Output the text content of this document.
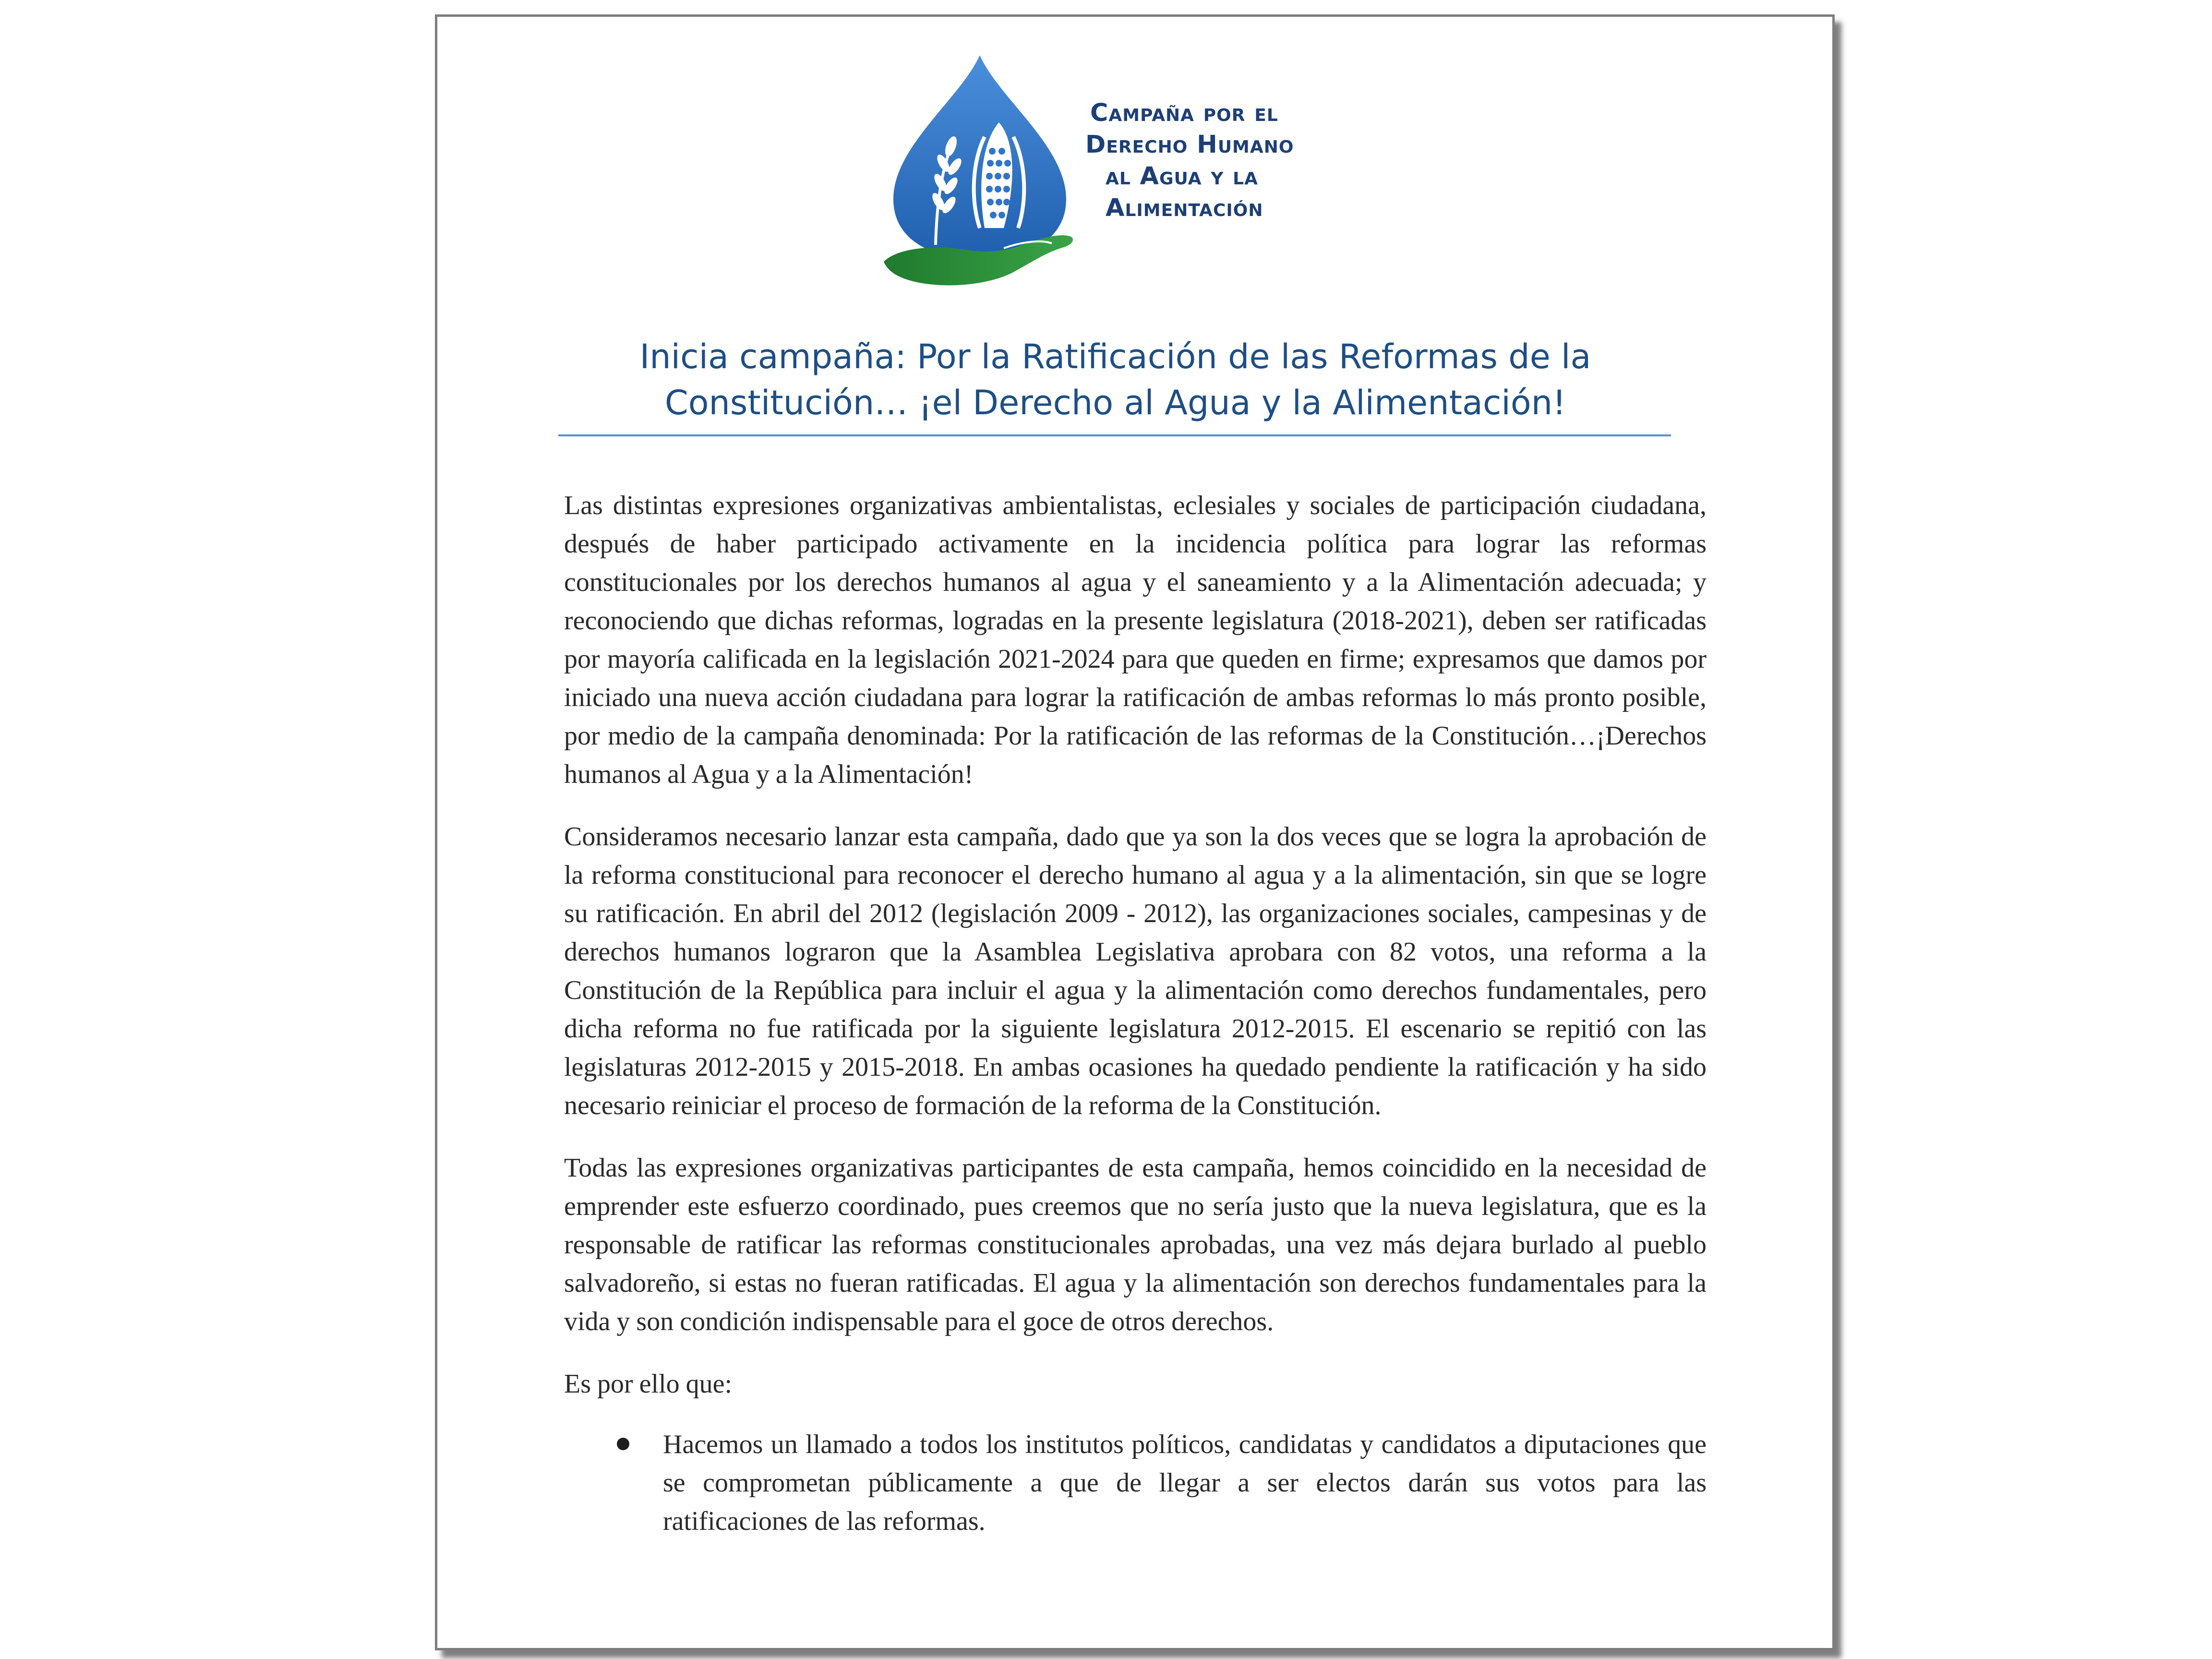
Campaña por el
Derecho Humano
al Agua y la
Alimentación
Inicia campaña: Por la Ratificación de las Reformas de la
Constitución… ¡el Derecho al Agua y la Alimentación!

Las distintas expresiones organizativas ambientalistas, eclesiales y sociales de participación ciudadana, después de haber participado activamente en la incidencia política para lograr las reformas constitucionales por los derechos humanos al agua y el saneamiento y a la Alimentación adecuada; y reconociendo que dichas reformas, logradas en la presente legislatura (2018-2021), deben ser ratificadas por mayoría calificada en la legislación 2021-2024 para que queden en firme; expresamos que damos por iniciado una nueva acción ciudadana para lograr la ratificación de ambas reformas lo más pronto posible, por medio de la campaña denominada: Por la ratificación de las reformas de la Constitución…¡Derechos humanos al Agua y a la Alimentación!

Consideramos necesario lanzar esta campaña, dado que ya son la dos veces que se logra la aprobación de la reforma constitucional para reconocer el derecho humano al agua y a la alimentación, sin que se logre su ratificación. En abril del 2012 (legislación 2009 - 2012), las organizaciones sociales, campesinas y de derechos humanos lograron que la Asamblea Legislativa aprobara con 82 votos, una reforma a la Constitución de la República para incluir el agua y la alimentación como derechos fundamentales, pero dicha reforma no fue ratificada por la siguiente legislatura 2012-2015. El escenario se repitió con las legislaturas 2012-2015 y 2015-2018. En ambas ocasiones ha quedado pendiente la ratificación y ha sido necesario reiniciar el proceso de formación de la reforma de la Constitución.

Todas las expresiones organizativas participantes de esta campaña, hemos coincidido en la necesidad de emprender este esfuerzo coordinado, pues creemos que no sería justo que la nueva legislatura, que es la responsable de ratificar las reformas constitucionales aprobadas, una vez más dejara burlado al pueblo salvadoreño, si estas no fueran ratificadas. El agua y la alimentación son derechos fundamentales para la vida y son condición indispensable para el goce de otros derechos.

Es por ello que:

Hacemos un llamado a todos los institutos políticos, candidatas y candidatos a diputaciones que se comprometan públicamente a que de llegar a ser electos darán sus votos para las ratificaciones de las reformas.
